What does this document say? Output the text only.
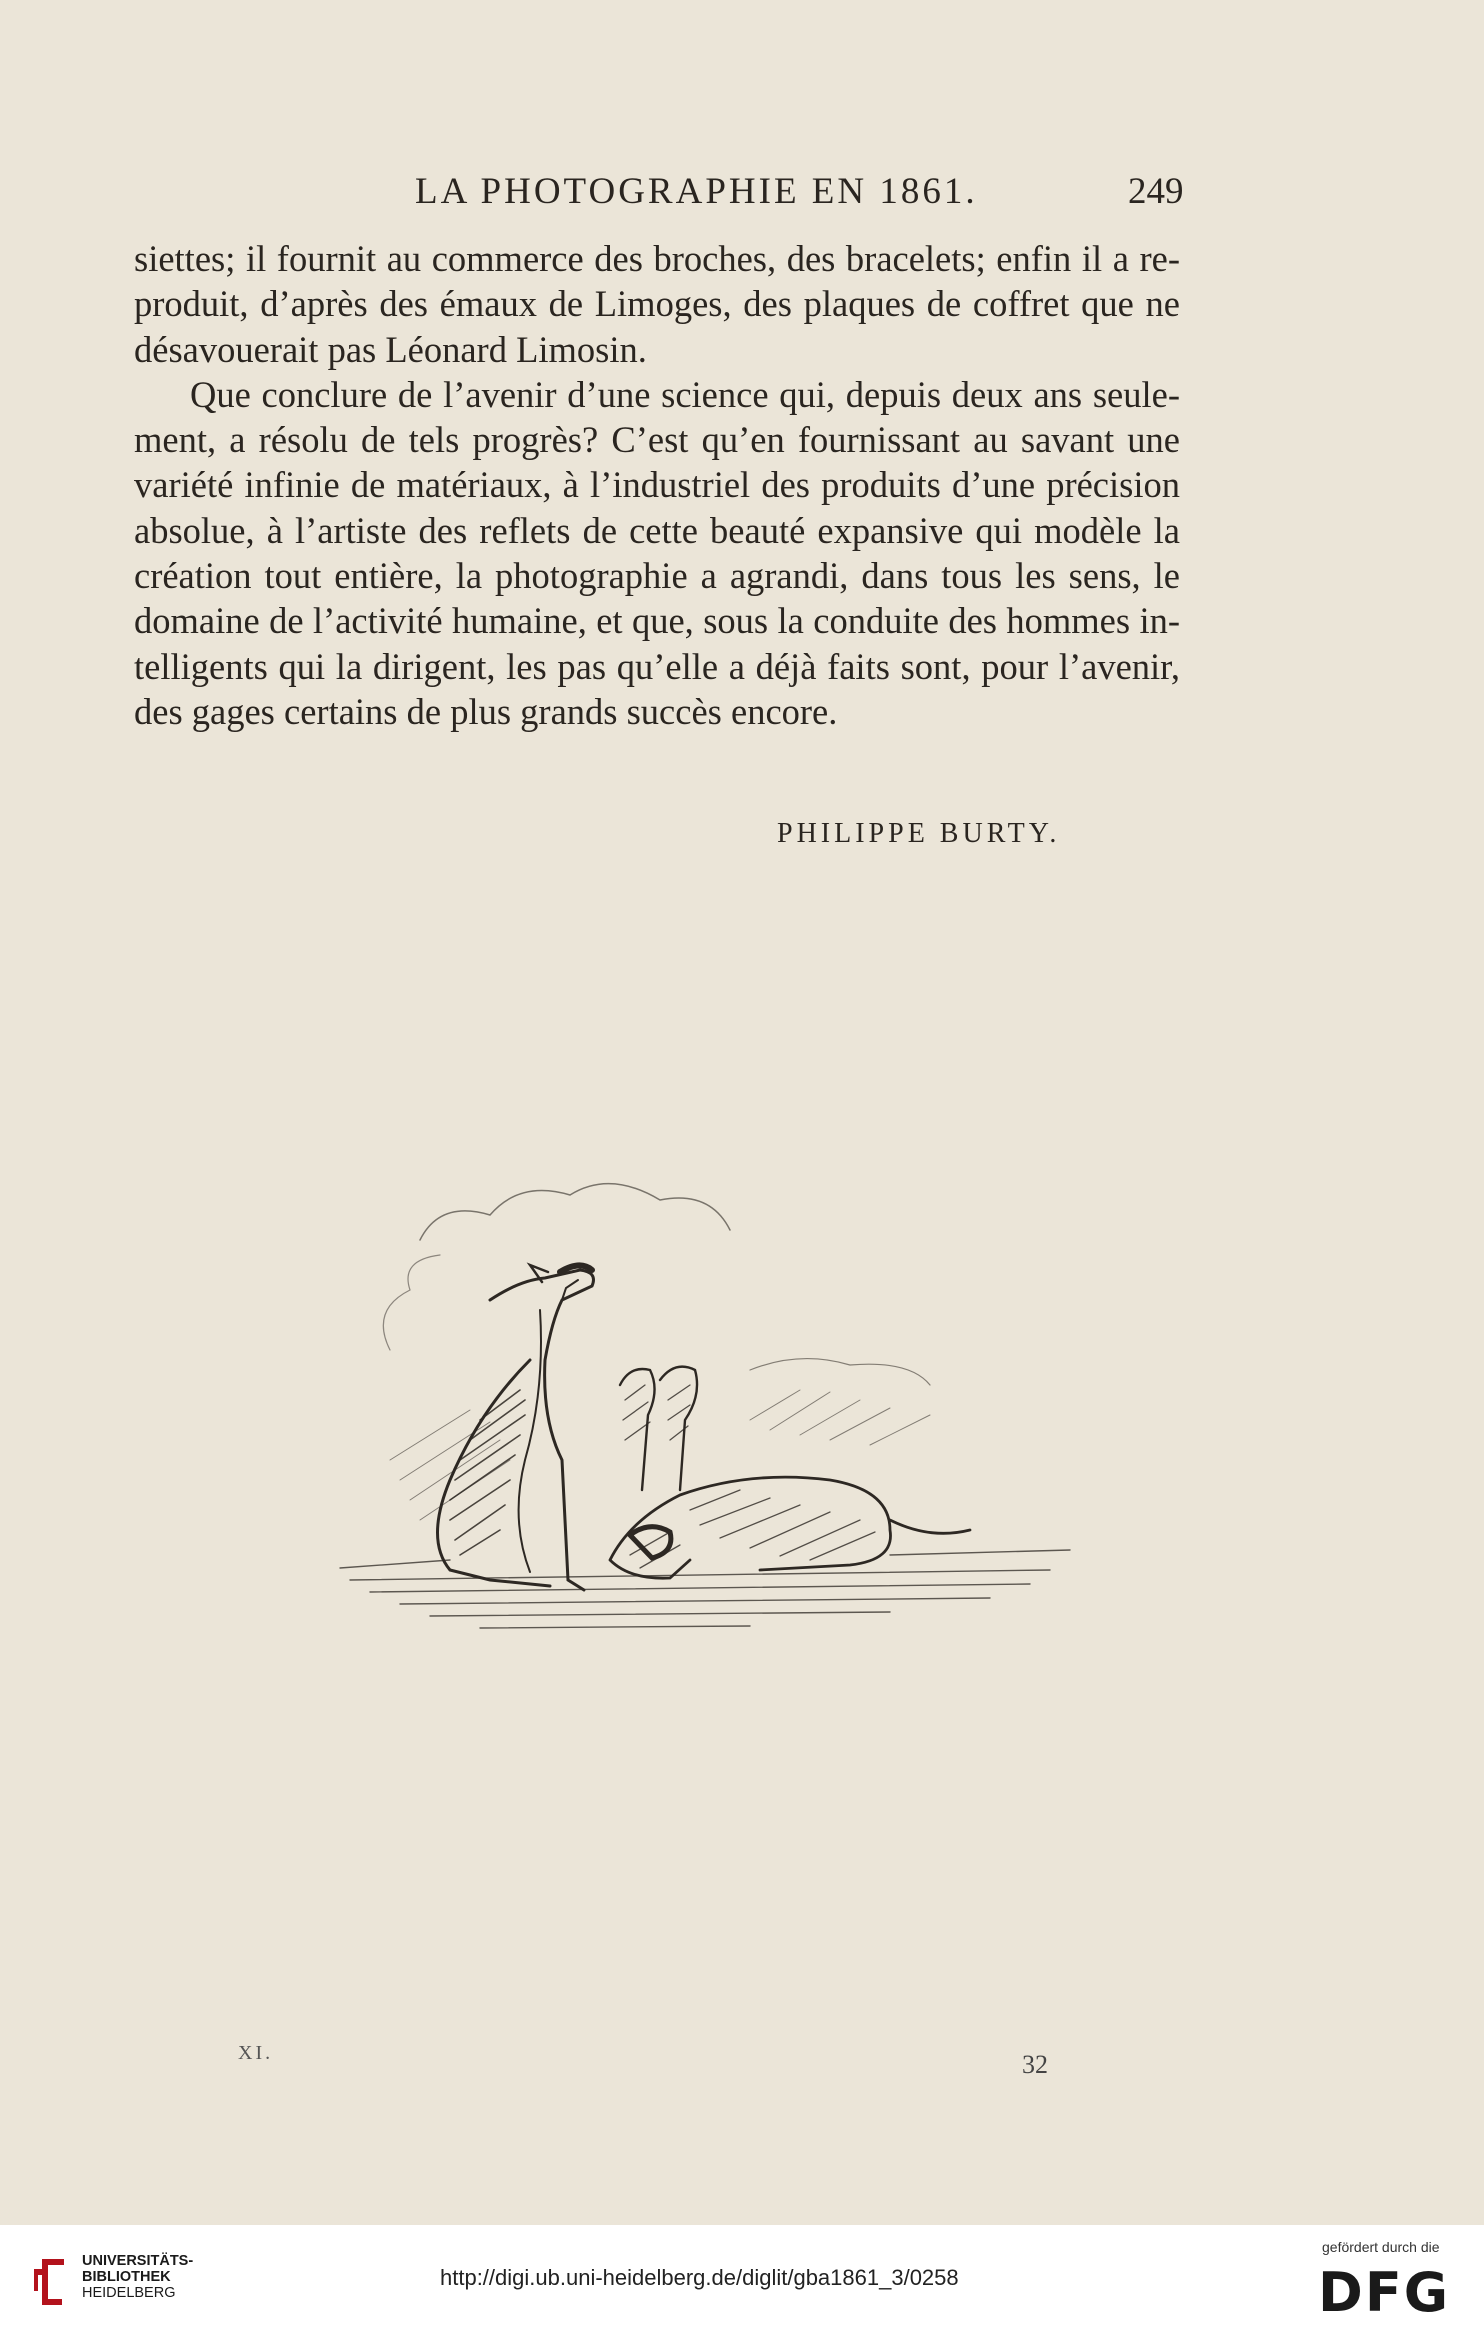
LA PHOTOGRAPHIE EN 1861.	249
siettes; il fournit au commerce des broches, des bracelets; enfin il a re-
produit, d’après des émaux de Limoges, des plaques de coffret que ne
désavouerait pas Léonard Limosin.
Que conclure de l’avenir d’une science qui, depuis deux ans seule-
ment, a résolu de tels progrès? C’est qu’en fournissant au savant une
variété infinie de matériaux, à l’industriel des produits d’une précision
absolue, à l’artiste des reflets de cette beauté expansive qui modèle la
création tout entière, la photographie a agrandi, dans tous les sens, le
domaine de l’activité humaine, et que, sous la conduite des hommes in-
telligents qui la dirigent, les pas qu’elle a déjà faits sont, pour l’avenir,
des gages certains de plus grands succès encore.
PHILIPPE BURTY.
XI.	32
UNIVERSITÄTS-
BIBLIOTHEK
HEIDELBERG
http://digi.ub.uni-heidelberg.de/diglit/gba1861_3/0258
gefördert durch die
DFG
